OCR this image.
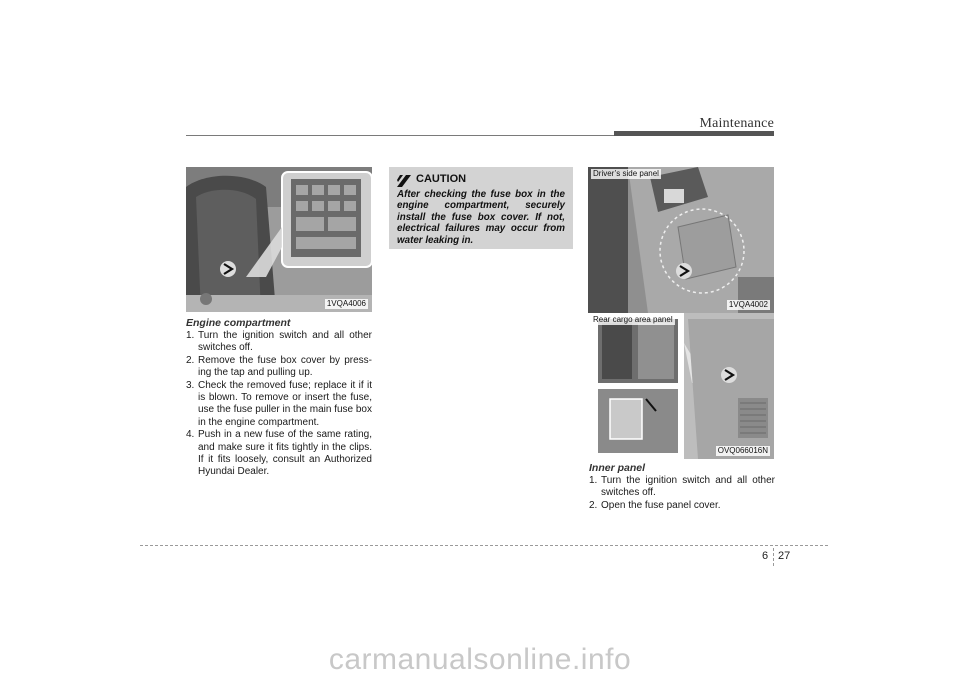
Maintenance
1VQA4006
Engine compartment
1. Turn the ignition switch and all other switches off.
2. Remove the fuse box cover by press-ing the tap and pulling up.
3. Check the removed fuse; replace it if it is blown. To remove or insert the fuse, use the fuse puller in the main fuse box in the engine compartment.
4. Push in a new fuse of the same rating, and make sure it fits tightly in the clips. If it fits loosely, consult an Authorized Hyundai Dealer.
CAUTION
After checking the fuse box in the engine compartment, securely install the fuse box cover. If not, electrical failures may occur from water leaking in.
Driver’s side panel
1VQA4002
Rear cargo area panel
OVQ066016N
Inner panel
1. Turn the ignition switch and all other switches off.
2. Open the fuse panel cover.
6 27
carmanualsonline.info
